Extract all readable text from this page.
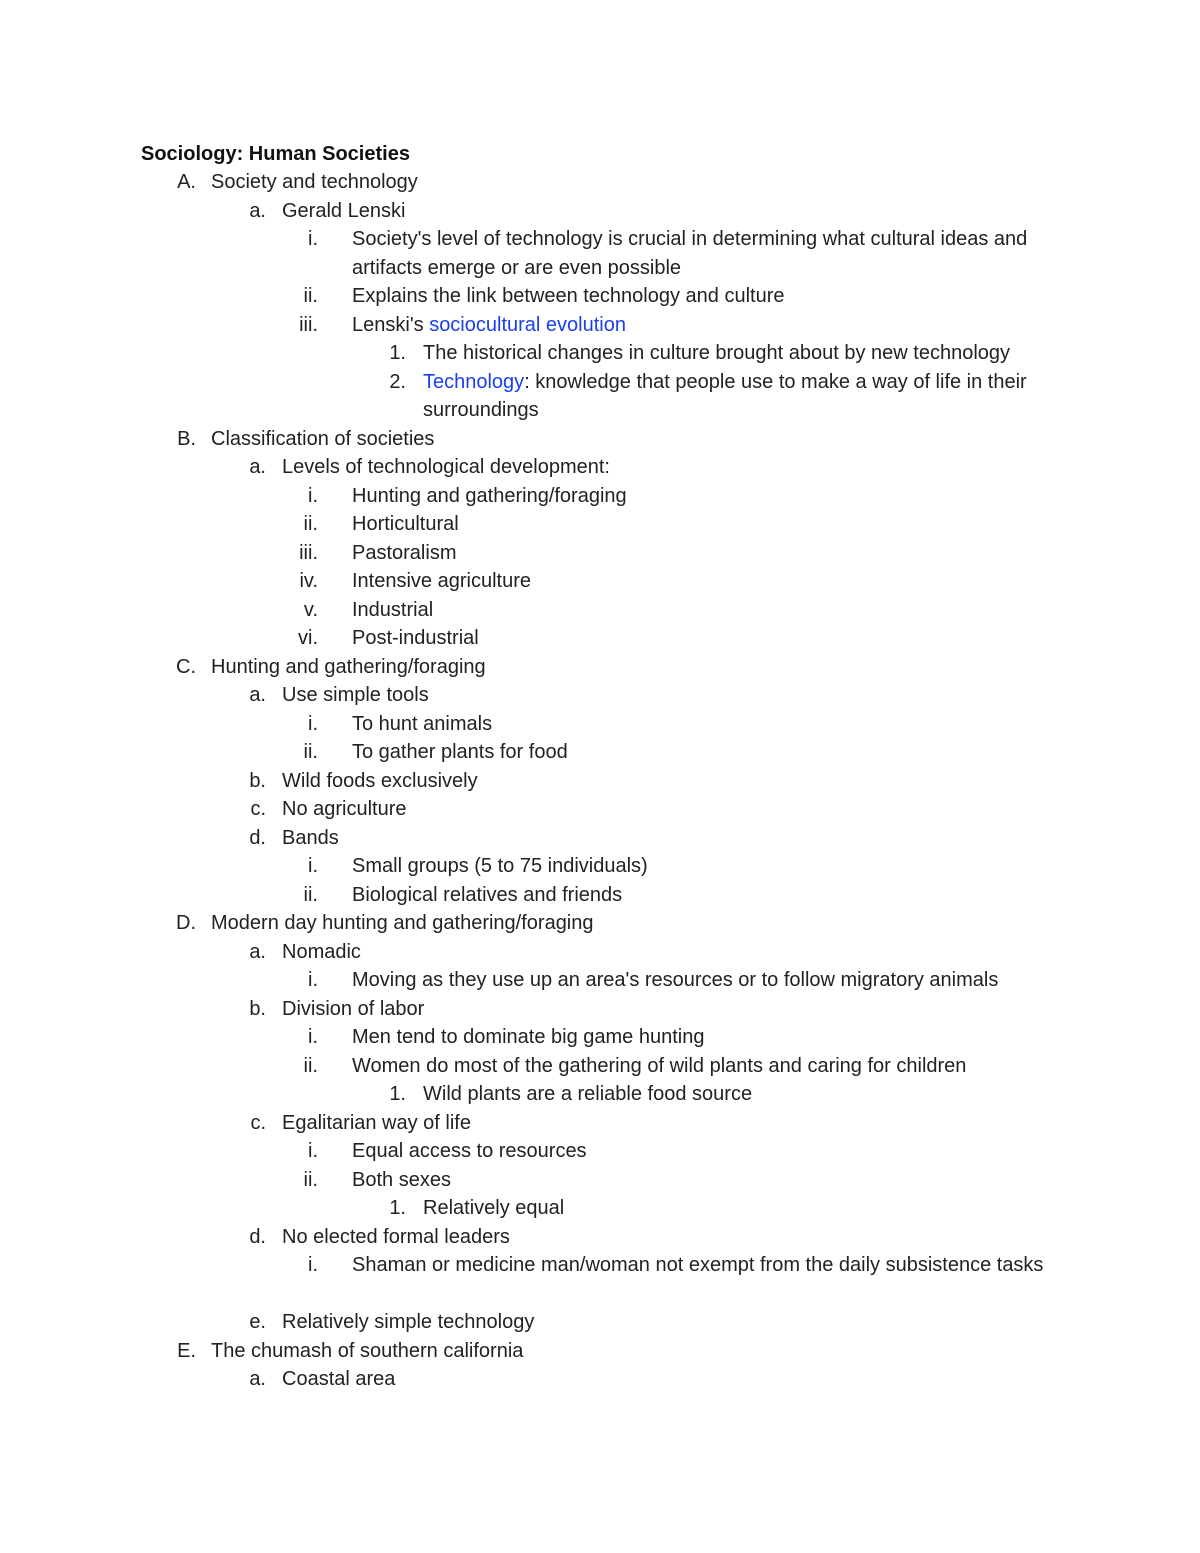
Sociology: Human Societies
A. Society and technology
a. Gerald Lenski
i. Society's level of technology is crucial in determining what cultural ideas and artifacts emerge or are even possible
ii. Explains the link between technology and culture
iii. Lenski's sociocultural evolution
1. The historical changes in culture brought about by new technology
2. Technology: knowledge that people use to make a way of life in their surroundings
B. Classification of societies
a. Levels of technological development:
i. Hunting and gathering/foraging
ii. Horticultural
iii. Pastoralism
iv. Intensive agriculture
v. Industrial
vi. Post-industrial
C. Hunting and gathering/foraging
a. Use simple tools
i. To hunt animals
ii. To gather plants for food
b. Wild foods exclusively
c. No agriculture
d. Bands
i. Small groups (5 to 75 individuals)
ii. Biological relatives and friends
D. Modern day hunting and gathering/foraging
a. Nomadic
i. Moving as they use up an area's resources or to follow migratory animals
b. Division of labor
i. Men tend to dominate big game hunting
ii. Women do most of the gathering of wild plants and caring for children
1. Wild plants are a reliable food source
c. Egalitarian way of life
i. Equal access to resources
ii. Both sexes
1. Relatively equal
d. No elected formal leaders
i. Shaman or medicine man/woman not exempt from the daily subsistence tasks
e. Relatively simple technology
E. The chumash of southern california
a. Coastal area
